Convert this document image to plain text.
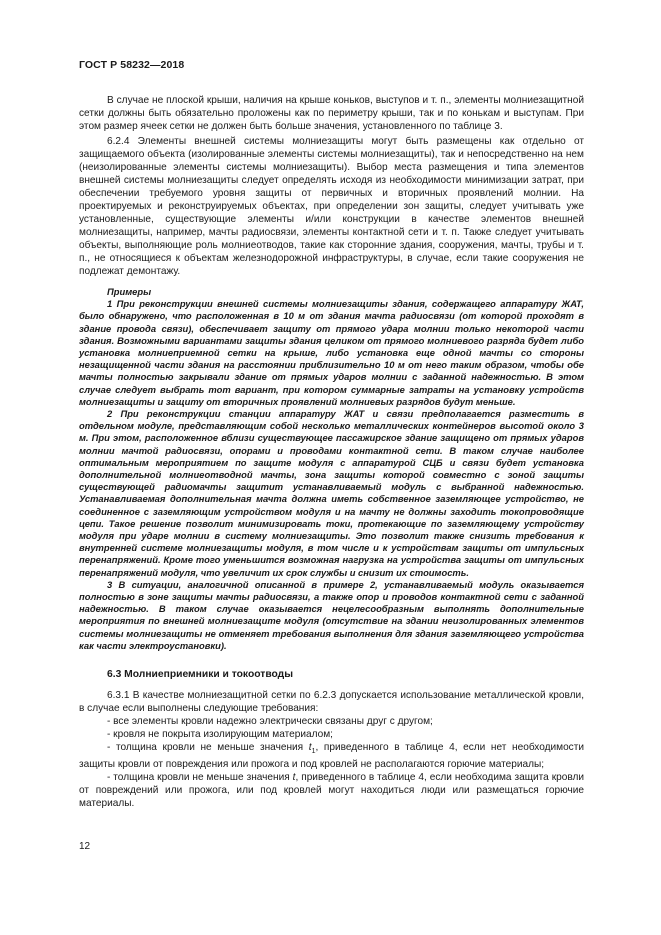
ГОСТ Р 58232—2018

В случае не плоской крыши, наличия на крыше коньков, выступов и т. п., элементы молниезащитной сетки должны быть обязательно проложены как по периметру крыши, так и по конькам и выступам. При этом размер ячеек сетки не должен быть больше значения, установленного по таблице 3.

6.2.4 Элементы внешней системы молниезащиты могут быть размещены как отдельно от защищаемого объекта (изолированные элементы системы молниезащиты), так и непосредственно на нем (неизолированные элементы системы молниезащиты). Выбор места размещения и типа элементов внешней системы молниезащиты следует определять исходя из необходимости минимизации затрат, при обеспечении требуемого уровня защиты от первичных и вторичных проявлений молнии. На проектируемых и реконструируемых объектах, при определении зон защиты, следует учитывать уже установленные, существующие элементы и/или конструкции в качестве элементов внешней молниезащиты, например, мачты радиосвязи, элементы контактной сети и т. п. Также следует учитывать объекты, выполняющие роль молниеотводов, такие как сторонние здания, сооружения, мачты, трубы и т. п., не относящиеся к объектам железнодорожной инфраструктуры, в случае, если такие сооружения не подлежат демонтажу.

Примеры

1 При реконструкции внешней системы молниезащиты здания, содержащего аппаратуру ЖАТ, было обнаружено, что расположенная в 10 м от здания мачта радиосвязи (от которой проходят в здание провода связи), обеспечивает защиту от прямого удара молнии только некоторой части здания. Возможными вариантами защиты здания целиком от прямого молниевого разряда будет либо установка молниеприемной сетки на крыше, либо установка еще одной мачты со стороны незащищенной части здания на расстоянии приблизительно 10 м от него таким образом, чтобы обе мачты полностью закрывали здание от прямых ударов молнии с заданной надежностью. В этом случае следует выбрать тот вариант, при котором суммарные затраты на установку устройств молниезащиты и защиту от вторичных проявлений молниевых разрядов будут меньше.

2 При реконструкции станции аппаратуру ЖАТ и связи предполагается разместить в отдельном модуле, представляющим собой несколько металлических контейнеров высотой около 3 м. При этом, расположенное вблизи существующее пассажирское здание защищено от прямых ударов молнии мачтой радиосвязи, опорами и проводами контактной сети. В таком случае наиболее оптимальным мероприятием по защите модуля с аппаратурой СЦБ и связи будет установка дополнительной молниеотводной мачты, зона защиты которой совместно с зоной защиты существующей радиомачты защитит устанавливаемый модуль с выбранной надежностью. Устанавливаемая дополнительная мачта должна иметь собственное заземляющее устройство, не соединенное с заземляющим устройством модуля и на мачту не должны заходить токопроводящие цепи. Такое решение позволит минимизировать токи, протекающие по заземляющему устройству модуля при ударе молнии в систему молниезащиты. Это позволит также снизить требования к внутренней системе молниезащиты модуля, в том числе и к устройствам защиты от импульсных перенапряжений. Кроме того уменьшится возможная нагрузка на устройства защиты от импульсных перенапряжений модуля, что увеличит их срок службы и снизит их стоимость.

3 В ситуации, аналогичной описанной в примере 2, устанавливаемый модуль оказывается полностью в зоне защиты мачты радиосвязи, а также опор и проводов контактной сети с заданной надежностью. В таком случае оказывается нецелесообразным выполнять дополнительные мероприятия по внешней молниезащите модуля (отсутствие на здании неизолированных элементов системы молниезащиты не отменяет требования выполнения для здания заземляющего устройства как части электроустановки).

6.3 Молниеприемники и токоотводы

6.3.1 В качестве молниезащитной сетки по 6.2.3 допускается использование металлической кровли, в случае если выполнены следующие требования:

- все элементы кровли надежно электрически связаны друг с другом;

- кровля не покрыта изолирующим материалом;

- толщина кровли не меньше значения $t_1$, приведенного в таблице 4, если нет необходимости защиты кровли от повреждения или прожога и под кровлей не располагаются горючие материалы;

- толщина кровли не меньше значения t, приведенного в таблице 4, если необходима защита кровли от повреждений или прожога, или под кровлей могут находиться люди или размещаться горючие материалы.

12
